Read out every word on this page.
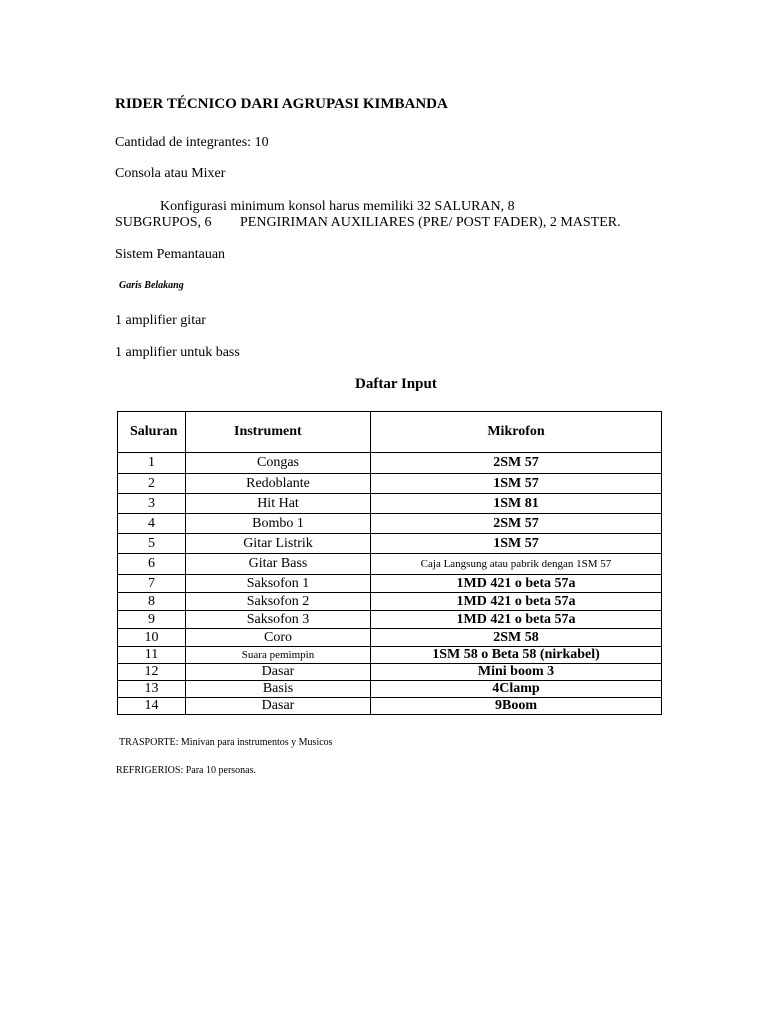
RIDER TÉCNICO DARI AGRUPASI KIMBANDA
Cantidad de integrantes: 10
Consola atau Mixer
Konfigurasi minimum konsol harus memiliki 32 SALURAN, 8
SUBGRUPOS, 6 PENGIRIMAN AUXILIARES (PRE/ POST FADER), 2 MASTER.
Sistem Pemantauan
Garis Belakang
1 amplifier gitar
1 amplifier untuk bass
Daftar Input
Saluran	Instrument	Mikrofon
1	Congas	2SM 57
2	Redoblante	1SM 57
3	Hit Hat	1SM 81
4	Bombo 1	2SM 57
5	Gitar Listrik	1SM 57
6	Gitar Bass	Caja Langsung atau pabrik dengan 1SM 57
7	Saksofon 1	1MD 421 o beta 57a
8	Saksofon 2	1MD 421 o beta 57a
9	Saksofon 3	1MD 421 o beta 57a
10	Coro	2SM 58
11	Suara pemimpin	1SM 58 o Beta 58 (nirkabel)
12	Dasar	Mini boom 3
13	Basis	4Clamp
14	Dasar	9Boom
TRASPORTE: Minivan para instrumentos y Musicos
REFRIGERIOS: Para 10 personas.
